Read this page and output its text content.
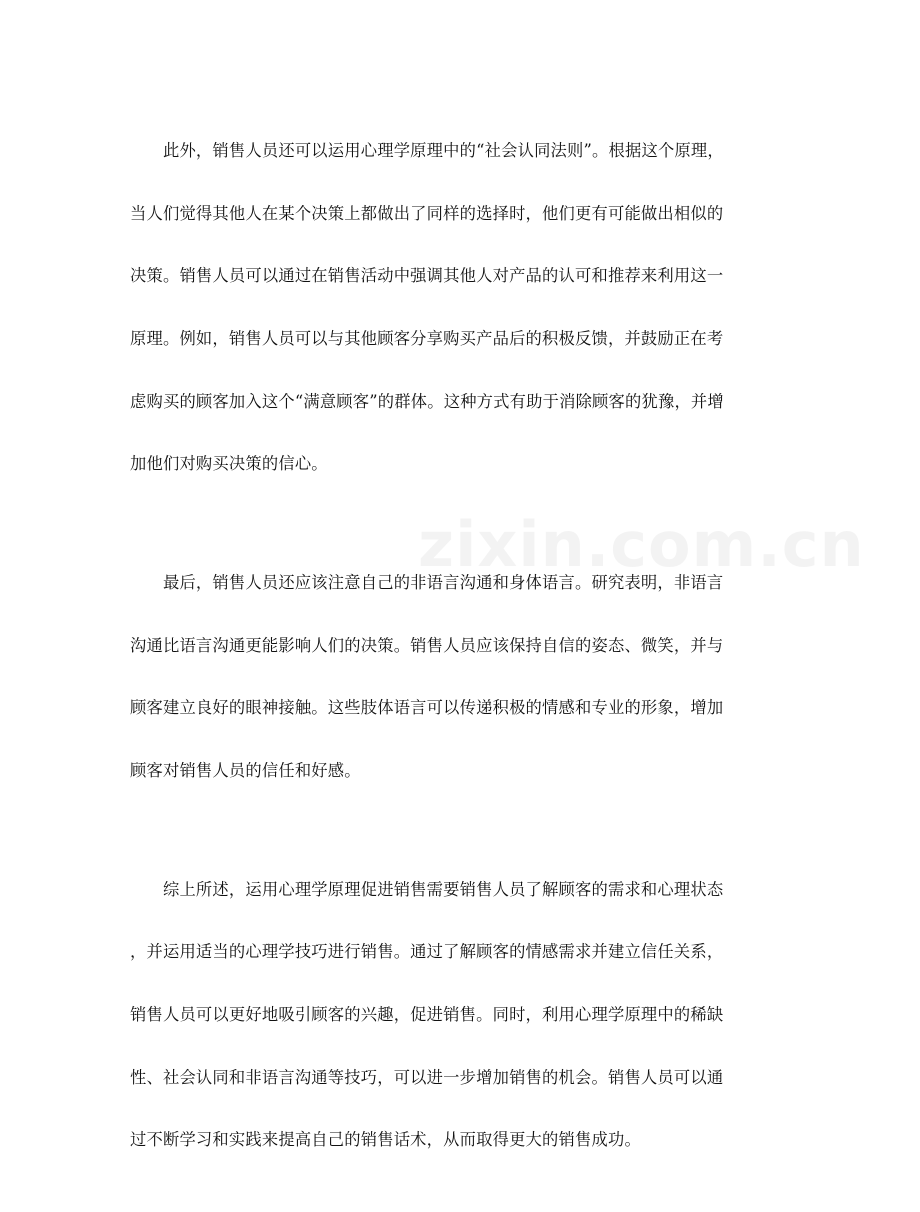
　　此外，销售人员还可以运用心理学原理中的“社会认同法则”。根据这个原理，

当人们觉得其他人在某个决策上都做出了同样的选择时，他们更有可能做出相似的

决策。销售人员可以通过在销售活动中强调其他人对产品的认可和推荐来利用这一

原理。例如，销售人员可以与其他顾客分享购买产品后的积极反馈，并鼓励正在考

虑购买的顾客加入这个“满意顾客”的群体。这种方式有助于消除顾客的犹豫，并增

加他们对购买决策的信心。

　　最后，销售人员还应该注意自己的非语言沟通和身体语言。研究表明，非语言

沟通比语言沟通更能影响人们的决策。销售人员应该保持自信的姿态、微笑，并与

顾客建立良好的眼神接触。这些肢体语言可以传递积极的情感和专业的形象，增加

顾客对销售人员的信任和好感。

　　综上所述，运用心理学原理促进销售需要销售人员了解顾客的需求和心理状态

，并运用适当的心理学技巧进行销售。通过了解顾客的情感需求并建立信任关系，

销售人员可以更好地吸引顾客的兴趣，促进销售。同时，利用心理学原理中的稀缺

性、社会认同和非语言沟通等技巧，可以进一步增加销售的机会。销售人员可以通

过不断学习和实践来提高自己的销售话术，从而取得更大的销售成功。

zixin.com.cn
